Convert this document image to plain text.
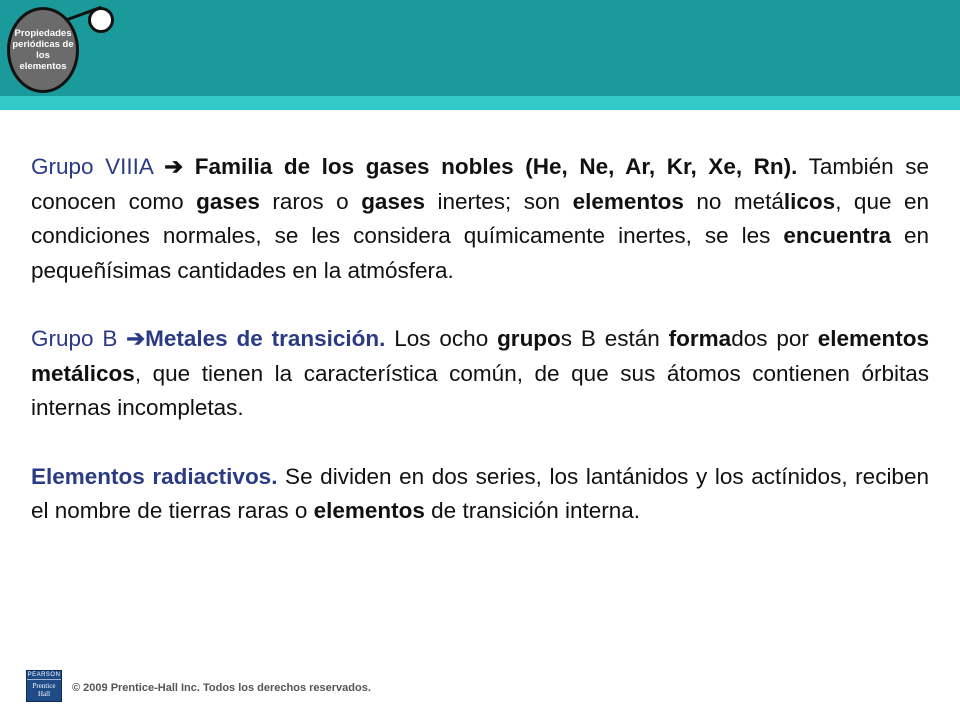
Propiedades
periódicas de
los elementos

Grupo VIIIA ➔ Familia de los gases nobles (He, Ne, Ar, Kr, Xe, Rn). También se conocen como gases raros o gases inertes; son elementos no metálicos, que en condiciones normales, se les considera químicamente inertes, se les encuentra en pequeñísimas cantidades en la atmósfera.

Grupo B ➔Metales de transición. Los ocho grupos B están formados por elementos metálicos, que tienen la característica común, de que sus átomos contienen órbitas internas incompletas.

Elementos radiactivos. Se dividen en dos series, los lantánidos y los actínidos, reciben el nombre de tierras raras o elementos de transición interna.

PEARSON
Prentice
Hall	© 2009 Prentice-Hall Inc. Todos los derechos reservados.
